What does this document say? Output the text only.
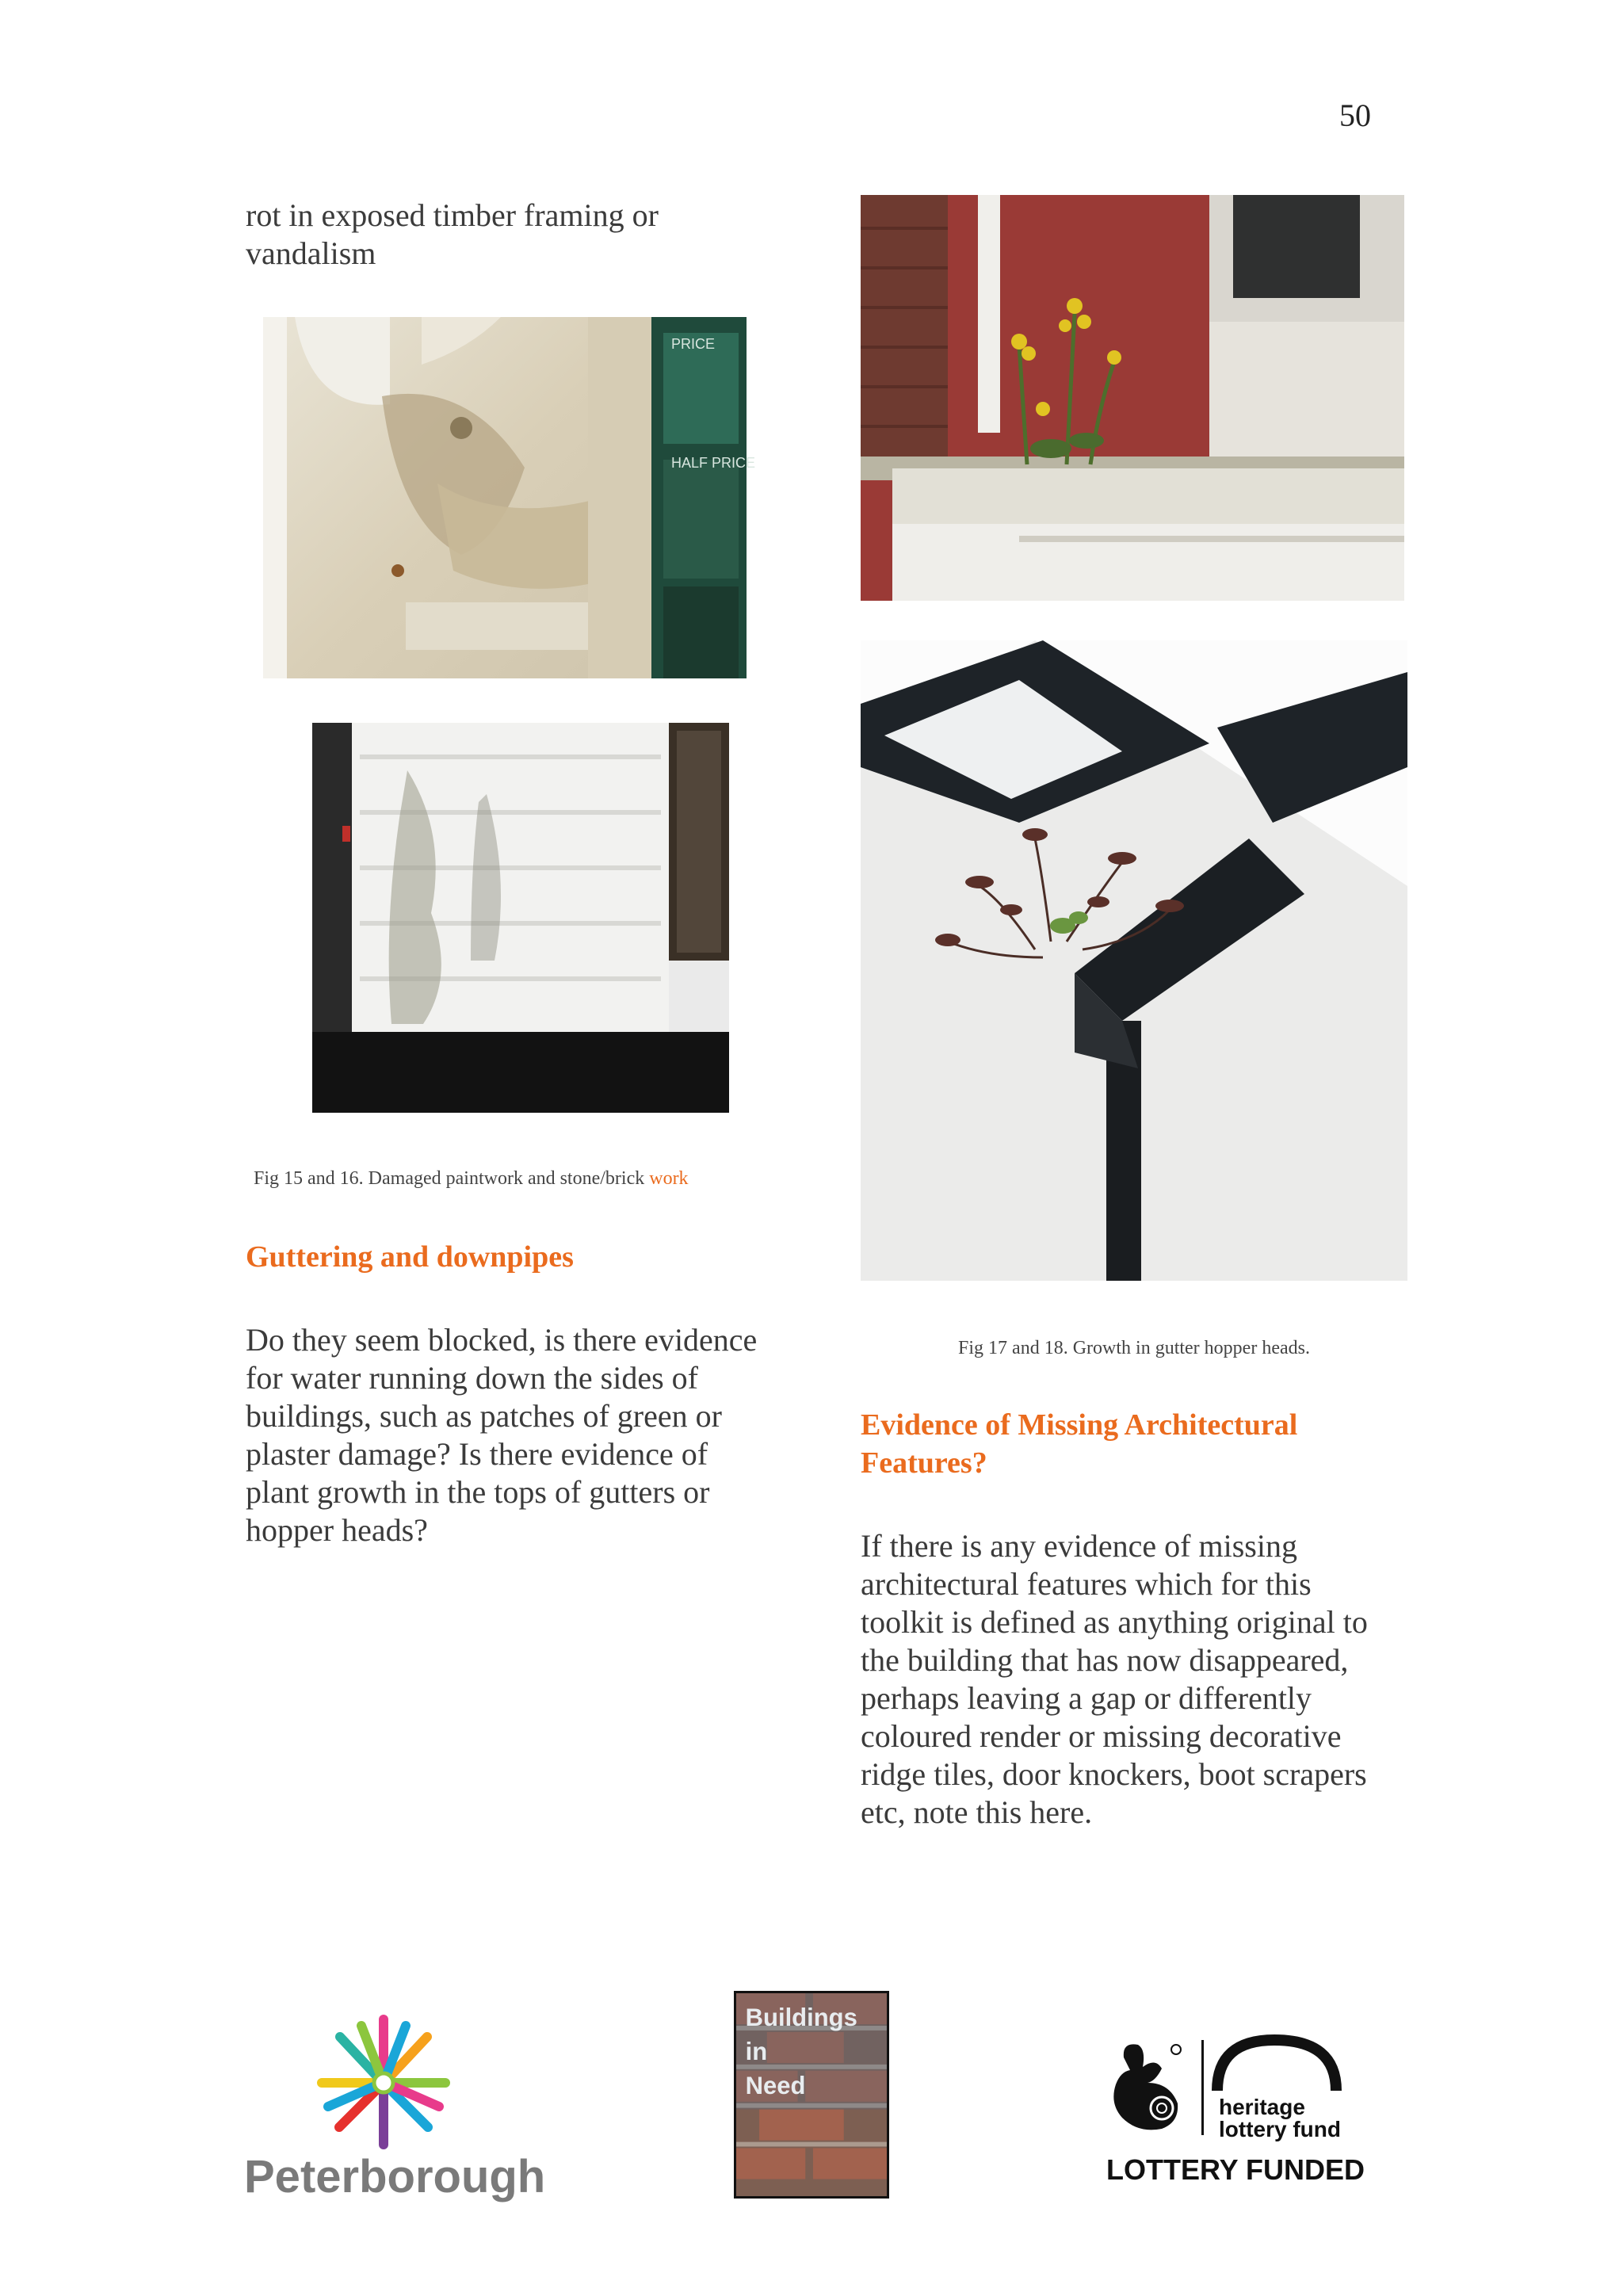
50
rot in exposed timber framing or vandalism
PRICE
HALF PRICE
Fig 15 and 16. Damaged paintwork and stone/brick work
Guttering and downpipes
Do they seem blocked, is there evidence for water running down the sides of buildings, such as patches of green or plaster damage? Is there evidence of plant growth in the tops of gutters or hopper heads?
Fig 17 and 18. Growth in gutter hopper heads.
Evidence of Missing Architectural Features?
If there is any evidence of missing architectural features which for this toolkit is defined as anything original to the building that has now disappeared, perhaps leaving a gap or differently coloured render or missing decorative ridge tiles, door knockers, boot scrapers etc, note this here.
Peterborough
Buildings
in
Need
heritage
lottery fund
LOTTERY FUNDED
